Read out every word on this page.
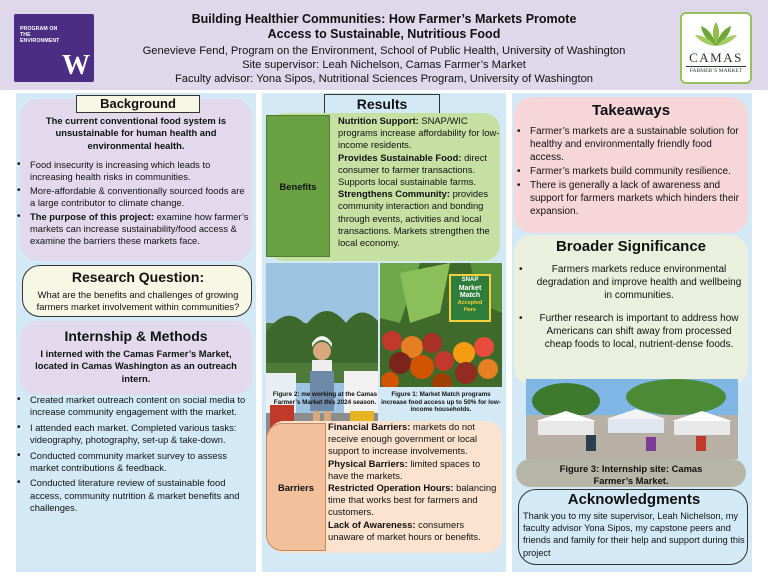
PROGRAM ON THE ENVIRONMENT
W
Building Healthier Communities: How Farmer’s Markets Promote
Access to Sustainable, Nutritious Food
Genevieve Fend, Program on the Environment, School of Public Health, University of Washington
Site supervisor: Leah Nichelson, Camas Farmer’s Market
Faculty advisor: Yona Sipos, Nutritional Sciences Program, University of Washington
CAMAS
FARMER’S MARKET
Background
The current conventional food system is unsustainable for human health and environmental health.
• Food insecurity is increasing which leads to increasing health risks in communities.
• More-affordable & conventionally sourced foods are a large contributor to climate change.
• The purpose of this project: examine how farmer’s markets can increase sustainability/food access & examine the barriers these markets face.
Research Question:
What are the benefits and challenges of growing farmers market involvement within communities?
Internship & Methods
I interned with the Camas Farmer’s Market, located in Camas Washington as an outreach intern.
• Created market outreach content on social media to increase community engagement with the market.
• I attended each market. Completed various tasks: videography, photography, set-up & take-down.
• Conducted community market survey to assess market contributions & feedback.
• Conducted literature review of sustainable food access, community nutrition & market benefits and challenges.
Results
Benefits
Nutrition Support: SNAP/WIC programs increase affordability for low-income residents.
Provides Sustainable Food: direct consumer to farmer transactions. Supports local sustainable farms.
Strengthens Community: provides community interaction and bonding through events, activities and local transactions. Markets strengthen the local economy.
Figure 2: me working at the Camas Farmer’s Market this 2024 season.
SNAP
Market
Match
Accepted
Here
Figure 1: Market Match programs increase food access up to 50% for low-income households.
Barriers
Financial Barriers: markets do not receive enough government or local support to increase involvements.
Physical Barriers: limited spaces to have the markets.
Restricted Operation Hours: balancing time that works best for farmers and customers.
Lack of Awareness: consumers unaware of market hours or benefits.
Takeaways
• Farmer’s markets are a sustainable solution for healthy and environmentally friendly food access.
• Farmer’s markets build community resilience.
• There is generally a lack of awareness and support for farmers markets which hinders their expansion.
Broader Significance
• Farmers markets reduce environmental degradation and improve health and wellbeing in communities.
• Further research is important to address how Americans can shift away from processed cheap foods to local, nutrient-dense foods.
Figure 3: Internship site: Camas Farmer’s Market.
Acknowledgments
Thank you to my site supervisor, Leah Nichelson, my faculty advisor Yona Sipos, my capstone peers and friends and family for their help and support during this project
